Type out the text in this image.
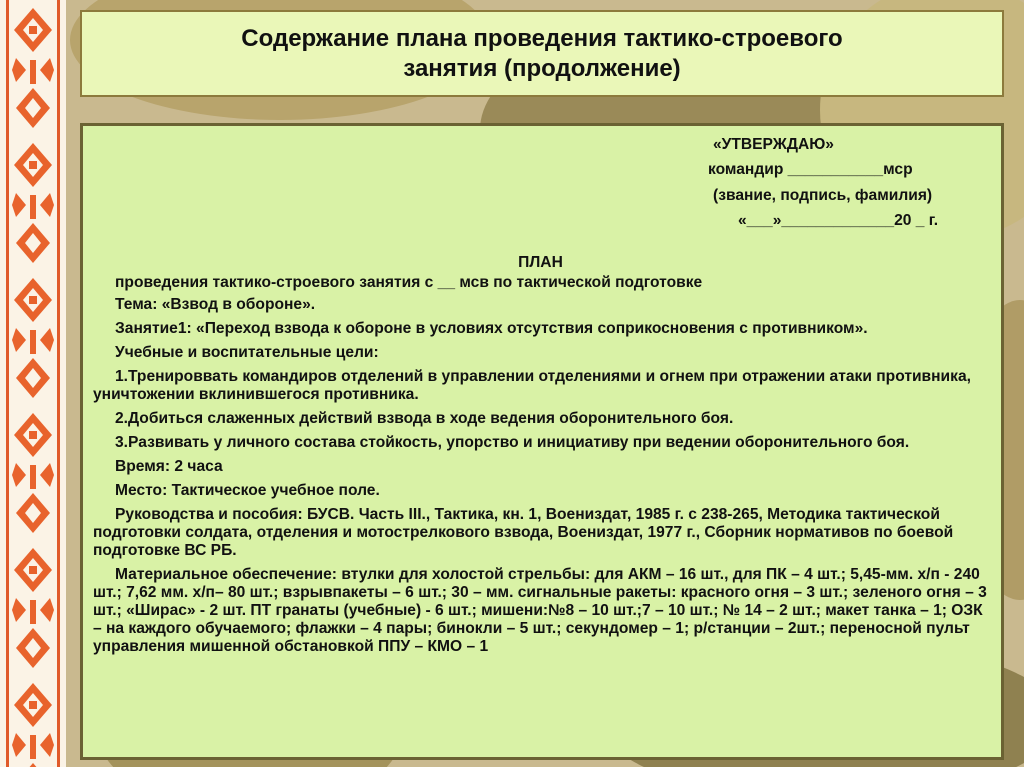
Содержание плана проведения тактико-строевого занятия (продолжение)
«УТВЕРЖДАЮ»
командир ___________мср
(звание, подпись, фамилия)
«___»_____________20 _ г.
ПЛАН

проведения тактико-строевого занятия с __ мсв по тактической подготовке

Тема: «Взвод в обороне».

Занятие1: «Переход взвода к обороне в условиях отсутствия соприкосновения с противником».

Учебные и воспитательные цели:

1.Тренироввать командиров отделений в управлении отделениями и огнем при отражении атаки противника, уничтожении вклинившегося противника.

2.Добиться слаженных действий взвода в ходе ведения оборонительного боя.

3.Развивать у личного состава стойкость, упорство и инициативу при ведении оборонительного боя.

Время: 2 часа

Место: Тактическое учебное поле.

Руководства и пособия: БУСВ. Часть III., Тактика, кн. 1, Воениздат, 1985 г. с 238-265, Методика тактической подготовки солдата, отделения и мотострелкового взвода, Воениздат, 1977 г., Сборник нормативов по боевой подготовке ВС РБ.

Материальное обеспечение: втулки для холостой стрельбы: для АКМ – 16 шт., для ПК – 4 шт.; 5,45-мм. х/п - 240 шт.; 7,62 мм. х/п– 80 шт.; взрывпакеты – 6 шт.; 30 – мм. сигнальные ракеты: красного огня – 3 шт.; зеленого огня – 3 шт.; «Ширас» - 2 шт. ПТ гранаты (учебные) - 6 шт.; мишени:№8 – 10 шт.;7 – 10 шт.; № 14 – 2 шт.; макет танка – 1; ОЗК – на каждого обучаемого; флажки – 4 пары; бинокли – 5 шт.; секундомер – 1; р/станции – 2шт.; переносной пульт управления мишенной обстановкой ППУ – КМО – 1
